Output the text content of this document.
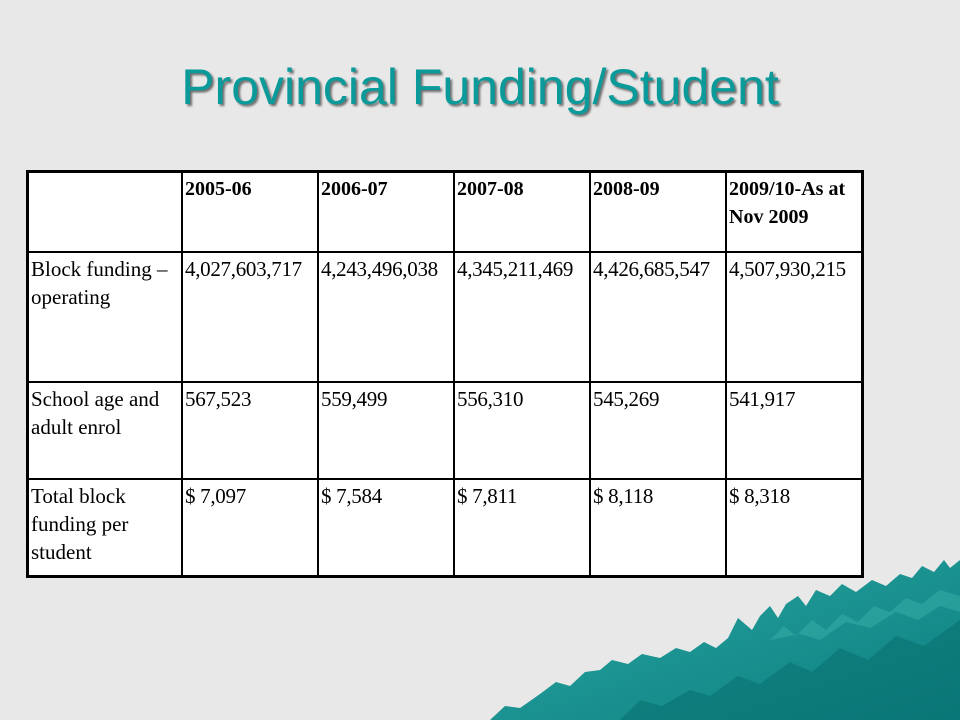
Provincial Funding/Student
	2005-06	2006-07	2007-08	2008-09	2009/10-As at Nov 2009
Block funding – operating	4,027,603,717	4,243,496,038	4,345,211,469	4,426,685,547	4,507,930,215
School age and adult enrol	567,523	559,499	556,310	545,269	541,917
Total block funding per student	$ 7,097	$ 7,584	$ 7,811	$ 8,118	$ 8,318
